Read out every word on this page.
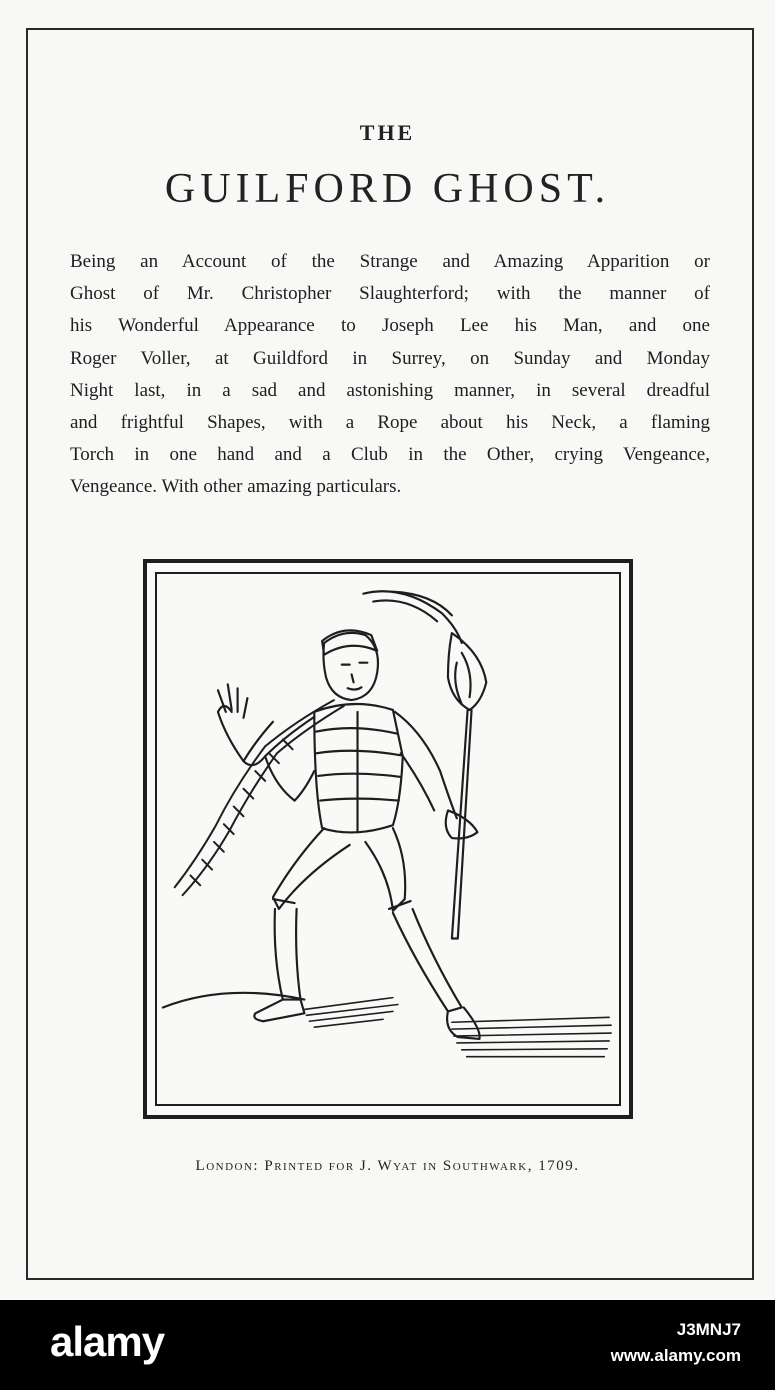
THE
GUILFORD GHOST.

Being an Account of the Strange and Amazing Apparition or
Ghost of Mr. Christopher Slaughterford; with the manner of
his Wonderful Appearance to Joseph Lee his Man, and one
Roger Voller, at Guildford in Surrey, on Sunday and Monday
Night last, in a sad and astonishing manner, in several dreadful
and frightful Shapes, with a Rope about his Neck, a flaming
Torch in one hand and a Club in the Other, crying Vengeance,
Vengeance. With other amazing particulars.

London: Printed for J. Wyat in Southwark, 1709.
alamy	J3MNJ7
www.alamy.com
